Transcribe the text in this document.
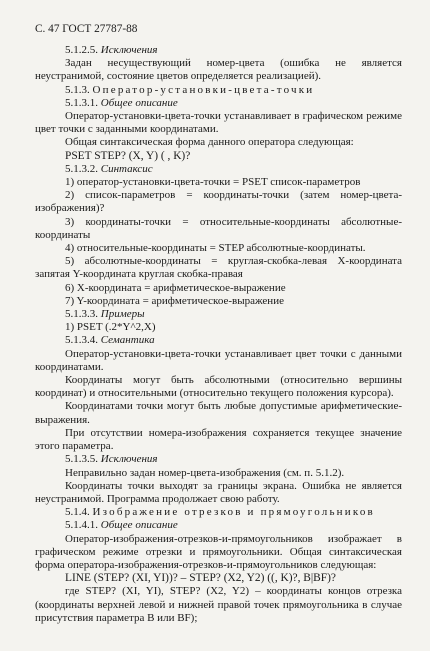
С. 47 ГОСТ 27787-88

5.1.2.5. Исключения

Задан несуществующий номер-цвета (ошибка не является неустранимой, состояние цветов определяется реализацией).

5.1.3. Оператор-установки-цвета-точки

5.1.3.1. Общее описание

Оператор-установки-цвета-точки устанавливает в графическом режиме цвет точки с заданными координатами.

Общая синтаксическая форма данного оператора следующая:

PSET STEP? (X, Y) ( , K)?

5.1.3.2. Синтаксис

1) оператор-установки-цвета-точки = PSET список-параметров

2) список-параметров = координаты-точки (затем номер-цвета-изображения)?

3) координаты-точки = относительные-координаты абсолютные-координаты

4) относительные-координаты = STEP абсолютные-координаты.

5) абсолютные-координаты = круглая-скобка-левая X-координата запятая Y-координата круглая скобка-правая

6) X-координата = арифметическое-выражение

7) Y-координата = арифметическое-выражение

5.1.3.3. Примеры

1) PSET (.2*Y^2,X)

5.1.3.4. Семантика

Оператор-установки-цвета-точки устанавливает цвет точки с данными координатами.

Координаты могут быть абсолютными (относительно вершины координат) и относительными (относительно текущего положения курсора).

Координатами точки могут быть любые допустимые арифметические-выражения.

При отсутствии номера-изображения сохраняется текущее значение этого параметра.

5.1.3.5. Исключения

Неправильно задан номер-цвета-изображения (см. п. 5.1.2).

Координаты точки выходят за границы экрана. Ошибка не является неустранимой. Программа продолжает свою работу.

5.1.4. Изображение отрезков и прямоугольников

5.1.4.1. Общее описание

Оператор-изображения-отрезков-и-прямоугольников изображает в графическом режиме отрезки и прямоугольники. Общая синтаксическая форма оператора-изображения-отрезков-и-прямоугольников следующая:

LINE (STEP? (XI, YI))? – STEP? (X2, Y2) ((, K)?, B|BF)?

где STEP? (XI, YI), STEP? (X2, Y2) – координаты концов отрезка (координаты верхней левой и нижней правой точек прямоугольника в случае присутствия параметра B или BF);
